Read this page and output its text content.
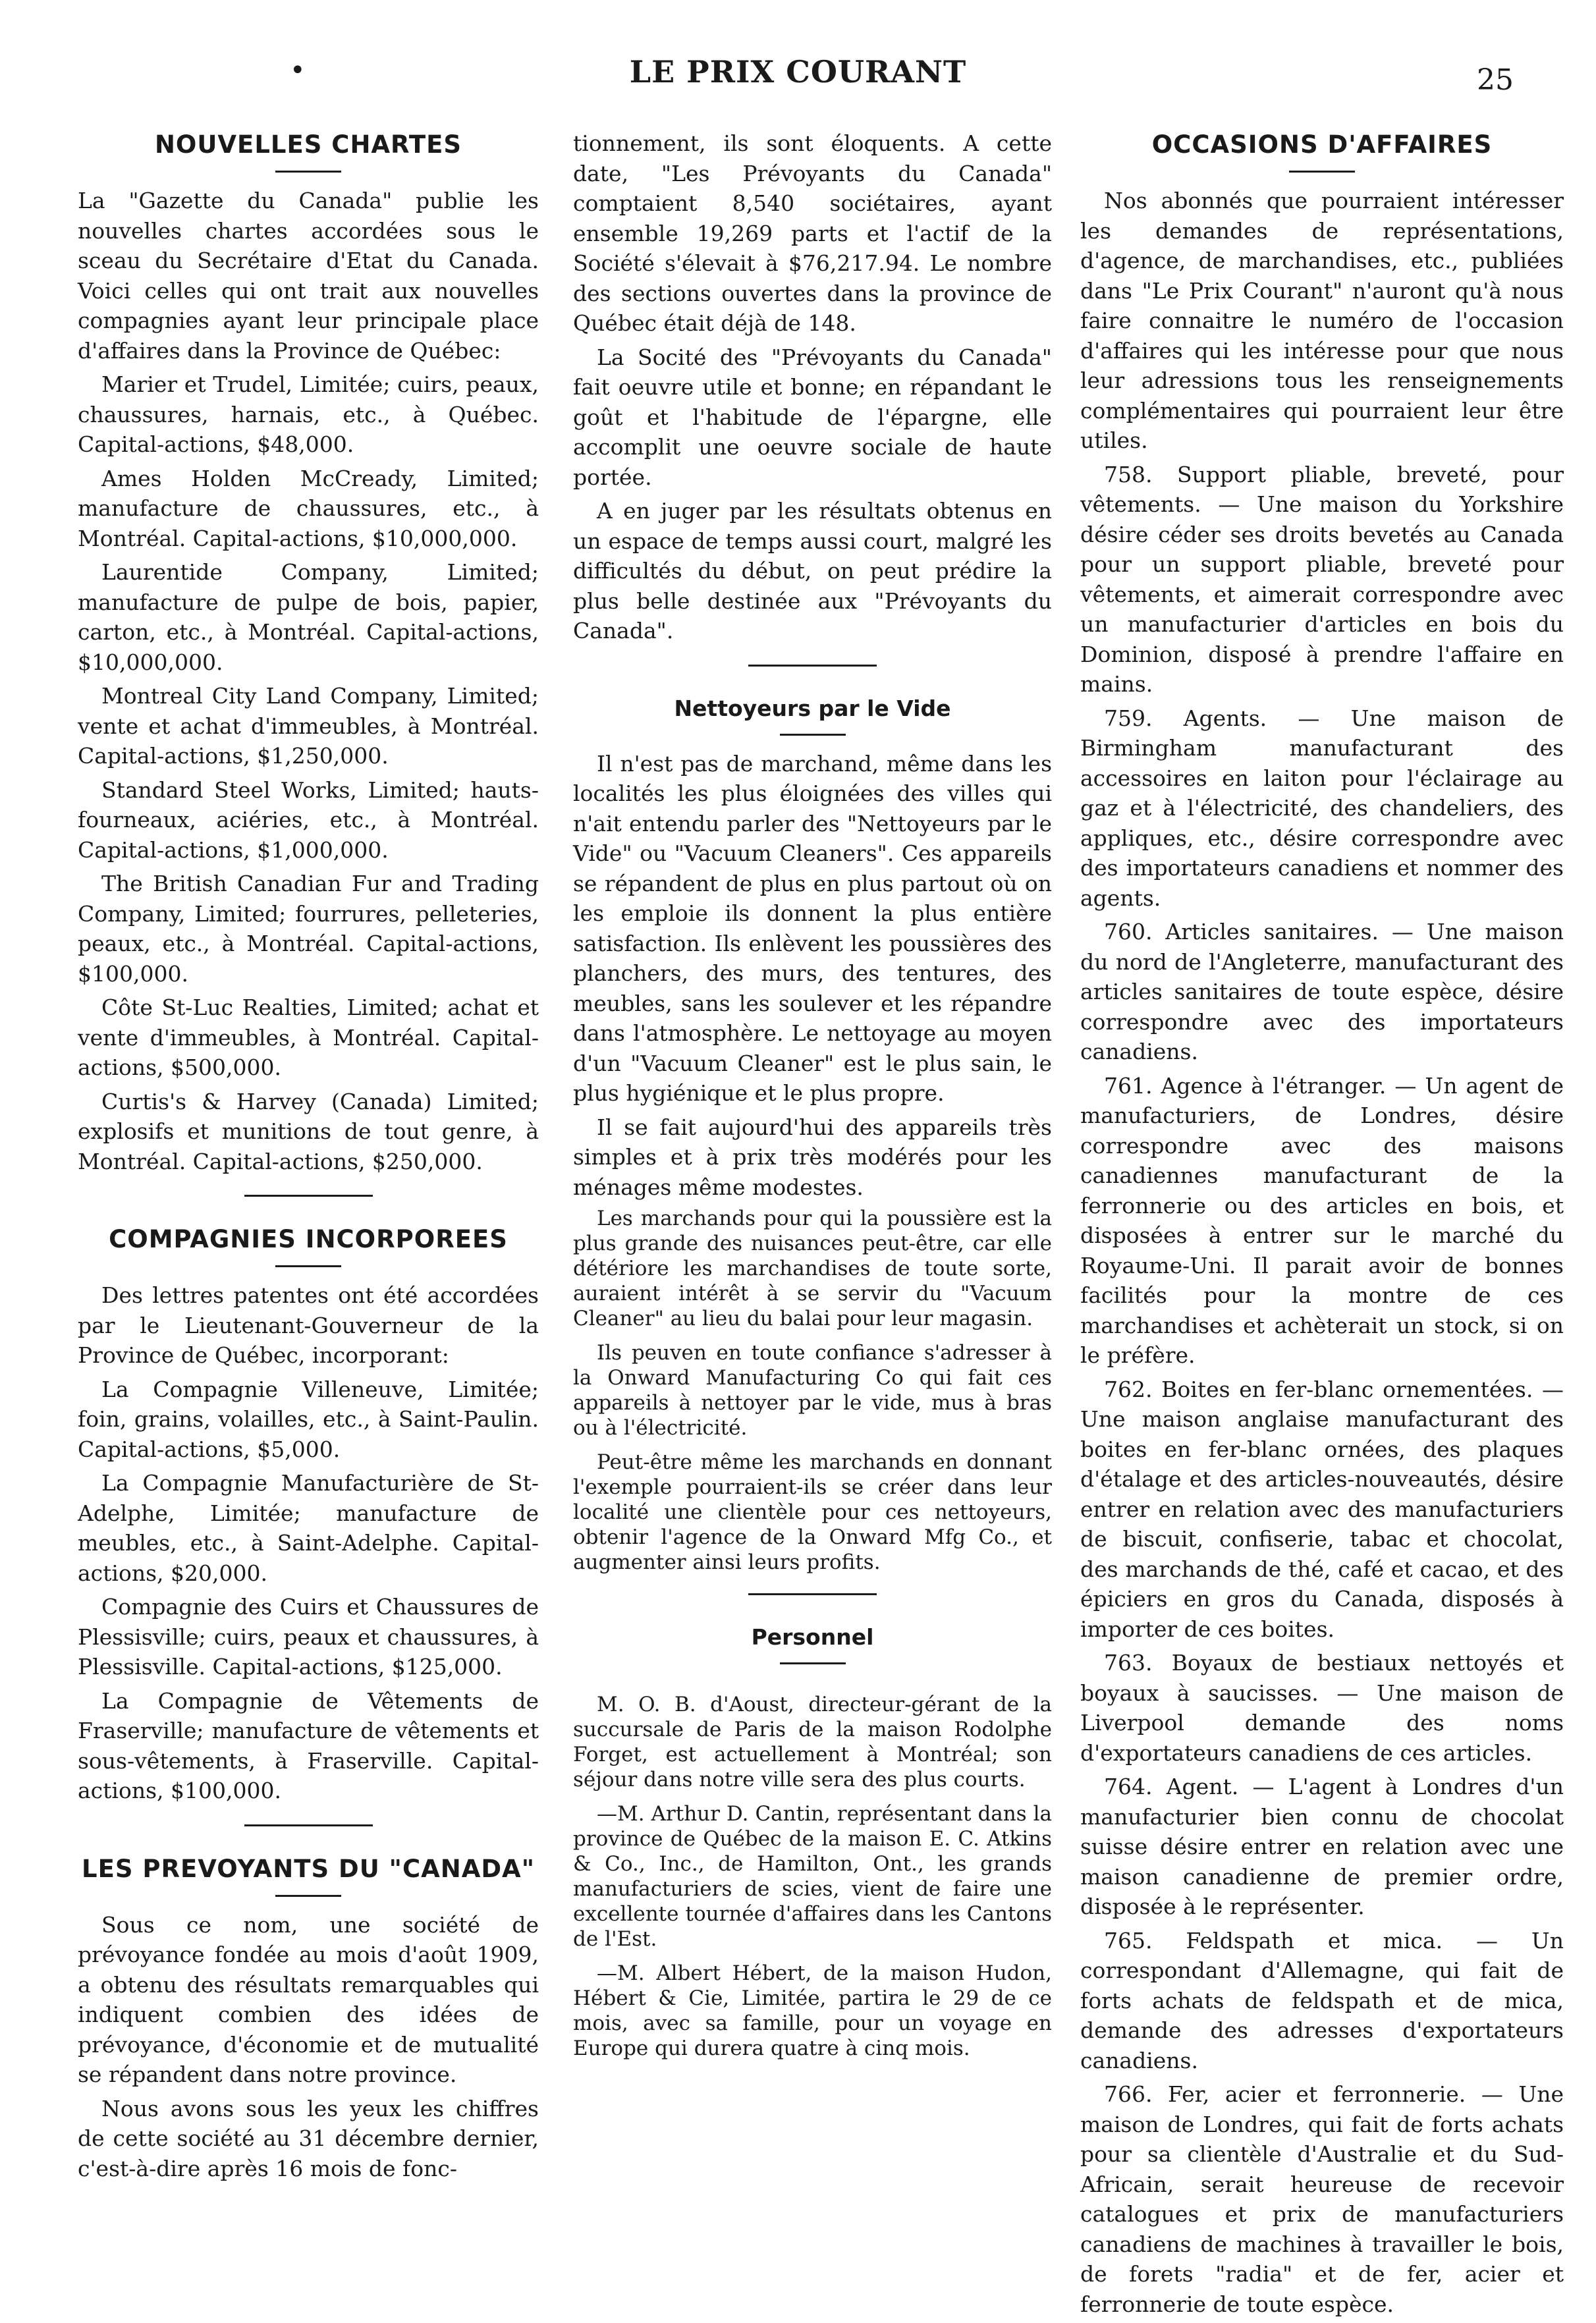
•	LE PRIX COURANT	25
NOUVELLES CHARTES

La "Gazette du Canada" publie les nouvelles chartes accordées sous le sceau du Secrétaire d'Etat du Canada. Voici celles qui ont trait aux nouvelles compagnies ayant leur principale place d'affaires dans la Province de Québec:

Marier et Trudel, Limitée; cuirs, peaux, chaussures, harnais, etc., à Québec. Capital-actions, $48,000.

Ames Holden McCready, Limited; manufacture de chaussures, etc., à Montréal. Capital-actions, $10,000,000.

Laurentide Company, Limited; manufacture de pulpe de bois, papier, carton, etc., à Montréal. Capital-actions, $10,000,000.

Montreal City Land Company, Limited; vente et achat d'immeubles, à Montréal. Capital-actions, $1,250,000.

Standard Steel Works, Limited; hauts-fourneaux, aciéries, etc., à Montréal. Capital-actions, $1,000,000.

The British Canadian Fur and Trading Company, Limited; fourrures, pelleteries, peaux, etc., à Montréal. Capital-actions, $100,000.

Côte St-Luc Realties, Limited; achat et vente d'immeubles, à Montréal. Capital-actions, $500,000.

Curtis's & Harvey (Canada) Limited; explosifs et munitions de tout genre, à Montréal. Capital-actions, $250,000.

COMPAGNIES INCORPOREES

Des lettres patentes ont été accordées par le Lieutenant-Gouverneur de la Province de Québec, incorporant:

La Compagnie Villeneuve, Limitée; foin, grains, volailles, etc., à Saint-Paulin. Capital-actions, $5,000.

La Compagnie Manufacturière de St-Adelphe, Limitée; manufacture de meubles, etc., à Saint-Adelphe. Capital-actions, $20,000.

Compagnie des Cuirs et Chaussures de Plessisville; cuirs, peaux et chaussures, à Plessisville. Capital-actions, $125,000.

La Compagnie de Vêtements de Fraserville; manufacture de vêtements et sous-vêtements, à Fraserville. Capital-actions, $100,000.

LES PREVOYANTS DU "CANADA"

Sous ce nom, une société de prévoyance fondée au mois d'août 1909, a obtenu des résultats remarquables qui indiquent combien des idées de prévoyance, d'économie et de mutualité se répandent dans notre province.

Nous avons sous les yeux les chiffres de cette société au 31 décembre dernier, c'est-à-dire après 16 mois de fonc-

tionnement, ils sont éloquents. A cette date, "Les Prévoyants du Canada" comptaient 8,540 sociétaires, ayant ensemble 19,269 parts et l'actif de la Société s'élevait à $76,217.94. Le nombre des sections ouvertes dans la province de Québec était déjà de 148.

La Socité des "Prévoyants du Canada" fait oeuvre utile et bonne; en répandant le goût et l'habitude de l'épargne, elle accomplit une oeuvre sociale de haute portée.

A en juger par les résultats obtenus en un espace de temps aussi court, malgré les difficultés du début, on peut prédire la plus belle destinée aux "Prévoyants du Canada".

Nettoyeurs par le Vide

Il n'est pas de marchand, même dans les localités les plus éloignées des villes qui n'ait entendu parler des "Nettoyeurs par le Vide" ou "Vacuum Cleaners". Ces appareils se répandent de plus en plus partout où on les emploie ils donnent la plus entière satisfaction. Ils enlèvent les poussières des planchers, des murs, des tentures, des meubles, sans les soulever et les répandre dans l'atmosphère. Le nettoyage au moyen d'un "Vacuum Cleaner" est le plus sain, le plus hygiénique et le plus propre.

Il se fait aujourd'hui des appareils très simples et à prix très modérés pour les ménages même modestes.

Les marchands pour qui la poussière est la plus grande des nuisances peut-être, car elle détériore les marchandises de toute sorte, auraient intérêt à se servir du "Vacuum Cleaner" au lieu du balai pour leur magasin.

Ils peuven en toute confiance s'adresser à la Onward Manufacturing Co qui fait ces appareils à nettoyer par le vide, mus à bras ou à l'électricité.

Peut-être même les marchands en donnant l'exemple pourraient-ils se créer dans leur localité une clientèle pour ces nettoyeurs, obtenir l'agence de la Onward Mfg Co., et augmenter ainsi leurs profits.

Personnel

M. O. B. d'Aoust, directeur-gérant de la succursale de Paris de la maison Rodolphe Forget, est actuellement à Montréal; son séjour dans notre ville sera des plus courts.

—M. Arthur D. Cantin, représentant dans la province de Québec de la maison E. C. Atkins & Co., Inc., de Hamilton, Ont., les grands manufacturiers de scies, vient de faire une excellente tournée d'affaires dans les Cantons de l'Est.

—M. Albert Hébert, de la maison Hudon, Hébert & Cie, Limitée, partira le 29 de ce mois, avec sa famille, pour un voyage en Europe qui durera quatre à cinq mois.

OCCASIONS D'AFFAIRES

Nos abonnés que pourraient intéresser les demandes de représentations, d'agence, de marchandises, etc., publiées dans "Le Prix Courant" n'auront qu'à nous faire connaitre le numéro de l'occasion d'affaires qui les intéresse pour que nous leur adressions tous les renseignements complémentaires qui pourraient leur être utiles.

758. Support pliable, breveté, pour vêtements. — Une maison du Yorkshire désire céder ses droits bevetés au Canada pour un support pliable, breveté pour vêtements, et aimerait correspondre avec un manufacturier d'articles en bois du Dominion, disposé à prendre l'affaire en mains.

759. Agents. — Une maison de Birmingham manufacturant des accessoires en laiton pour l'éclairage au gaz et à l'électricité, des chandeliers, des appliques, etc., désire correspondre avec des importateurs canadiens et nommer des agents.

760. Articles sanitaires. — Une maison du nord de l'Angleterre, manufacturant des articles sanitaires de toute espèce, désire correspondre avec des importateurs canadiens.

761. Agence à l'étranger. — Un agent de manufacturiers, de Londres, désire correspondre avec des maisons canadiennes manufacturant de la ferronnerie ou des articles en bois, et disposées à entrer sur le marché du Royaume-Uni. Il parait avoir de bonnes facilités pour la montre de ces marchandises et achèterait un stock, si on le préfère.

762. Boites en fer-blanc ornementées. — Une maison anglaise manufacturant des boites en fer-blanc ornées, des plaques d'étalage et des articles-nouveautés, désire entrer en relation avec des manufacturiers de biscuit, confiserie, tabac et chocolat, des marchands de thé, café et cacao, et des épiciers en gros du Canada, disposés à importer de ces boites.

763. Boyaux de bestiaux nettoyés et boyaux à saucisses. — Une maison de Liverpool demande des noms d'exportateurs canadiens de ces articles.

764. Agent. — L'agent à Londres d'un manufacturier bien connu de chocolat suisse désire entrer en relation avec une maison canadienne de premier ordre, disposée à le représenter.

765. Feldspath et mica. — Un correspondant d'Allemagne, qui fait de forts achats de feldspath et de mica, demande des adresses d'exportateurs canadiens.

766. Fer, acier et ferronnerie. — Une maison de Londres, qui fait de forts achats pour sa clientèle d'Australie et du Sud-Africain, serait heureuse de recevoir catalogues et prix de manufacturiers canadiens de machines à travailler le bois, de forets "radia" et de fer, acier et ferronnerie de toute espèce.
